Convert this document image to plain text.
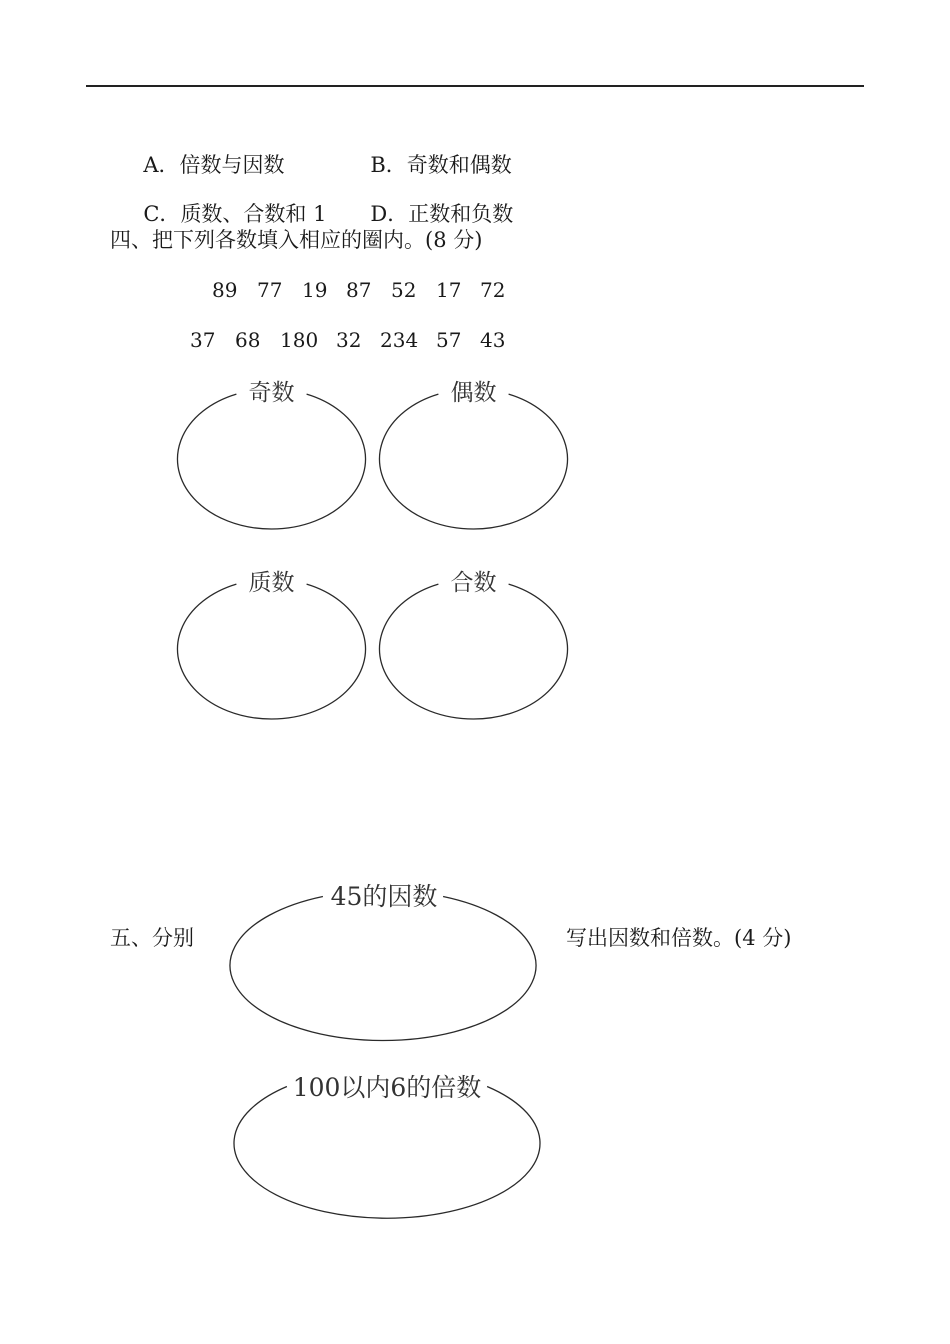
A．倍数与因数	B．奇数和偶数

C．质数、合数和 1	D．正数和负数

四、把下列各数填入相应的圈内。(8 分)
89 77 19 87 52 17 72
37 68 180 32 234 57 43
五、分别	写出因数和倍数。(4 分)
奇数	偶数
质数	合数
45的因数
100以内6的倍数
